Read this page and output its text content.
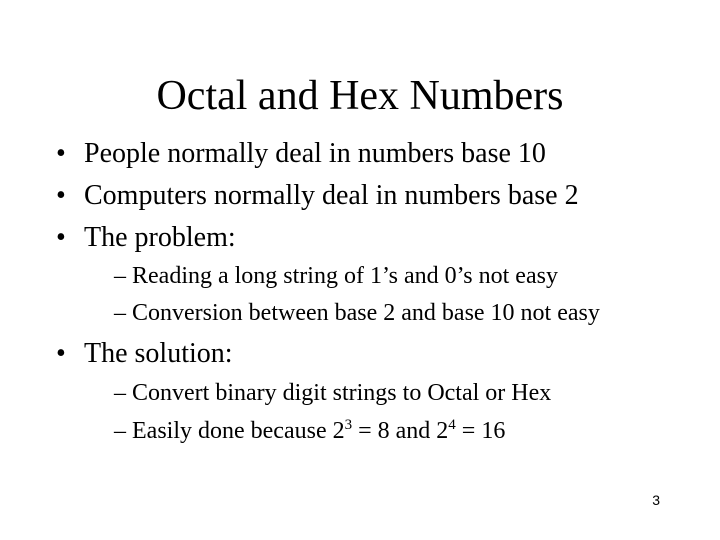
Octal and Hex Numbers
• People normally deal in numbers base 10
• Computers normally deal in numbers base 2
• The problem:
– Reading a long string of 1’s and 0’s not easy
– Conversion between base 2 and base 10 not easy
• The solution:
– Convert binary digit strings to Octal or Hex
– Easily done because $2^3 = 8$ and $2^4 = 16$
3
